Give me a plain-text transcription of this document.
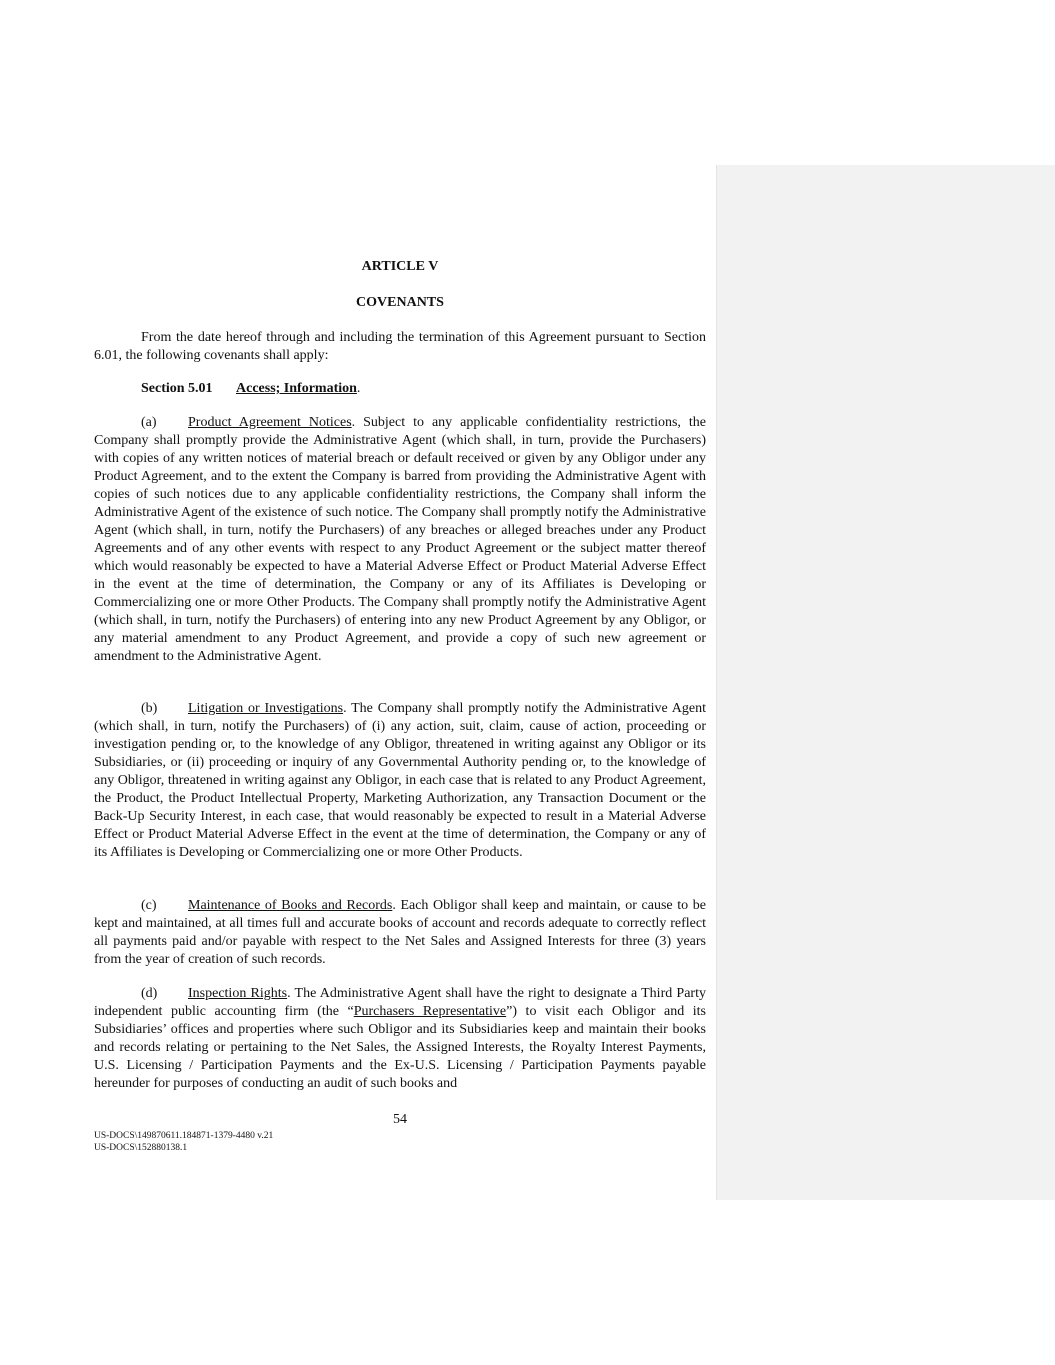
ARTICLE V
COVENANTS

From the date hereof through and including the termination of this Agreement pursuant to Section 6.01, the following covenants shall apply:

Section 5.01 Access; Information.

(a) Product Agreement Notices. Subject to any applicable confidentiality restrictions, the Company shall promptly provide the Administrative Agent (which shall, in turn, provide the Purchasers) with copies of any written notices of material breach or default received or given by any Obligor under any Product Agreement, and to the extent the Company is barred from providing the Administrative Agent with copies of such notices due to any applicable confidentiality restrictions, the Company shall inform the Administrative Agent of the existence of such notice. The Company shall promptly notify the Administrative Agent (which shall, in turn, notify the Purchasers) of any breaches or alleged breaches under any Product Agreements and of any other events with respect to any Product Agreement or the subject matter thereof which would reasonably be expected to have a Material Adverse Effect or Product Material Adverse Effect in the event at the time of determination, the Company or any of its Affiliates is Developing or Commercializing one or more Other Products. The Company shall promptly notify the Administrative Agent (which shall, in turn, notify the Purchasers) of entering into any new Product Agreement by any Obligor, or any material amendment to any Product Agreement, and provide a copy of such new agreement or amendment to the Administrative Agent.

(b) Litigation or Investigations. The Company shall promptly notify the Administrative Agent (which shall, in turn, notify the Purchasers) of (i) any action, suit, claim, cause of action, proceeding or investigation pending or, to the knowledge of any Obligor, threatened in writing against any Obligor or its Subsidiaries, or (ii) proceeding or inquiry of any Governmental Authority pending or, to the knowledge of any Obligor, threatened in writing against any Obligor, in each case that is related to any Product Agreement, the Product, the Product Intellectual Property, Marketing Authorization, any Transaction Document or the Back-Up Security Interest, in each case, that would reasonably be expected to result in a Material Adverse Effect or Product Material Adverse Effect in the event at the time of determination, the Company or any of its Affiliates is Developing or Commercializing one or more Other Products.

(c) Maintenance of Books and Records. Each Obligor shall keep and maintain, or cause to be kept and maintained, at all times full and accurate books of account and records adequate to correctly reflect all payments paid and/or payable with respect to the Net Sales and Assigned Interests for three (3) years from the year of creation of such records.

(d) Inspection Rights. The Administrative Agent shall have the right to designate a Third Party independent public accounting firm (the “Purchasers Representative”) to visit each Obligor and its Subsidiaries’ offices and properties where such Obligor and its Subsidiaries keep and maintain their books and records relating or pertaining to the Net Sales, the Assigned Interests, the Royalty Interest Payments, U.S. Licensing / Participation Payments and the Ex-U.S. Licensing / Participation Payments payable hereunder for purposes of conducting an audit of such books and

54
US-DOCS\149870611.184871-1379-4480 v.21
US-DOCS\152880138.1
